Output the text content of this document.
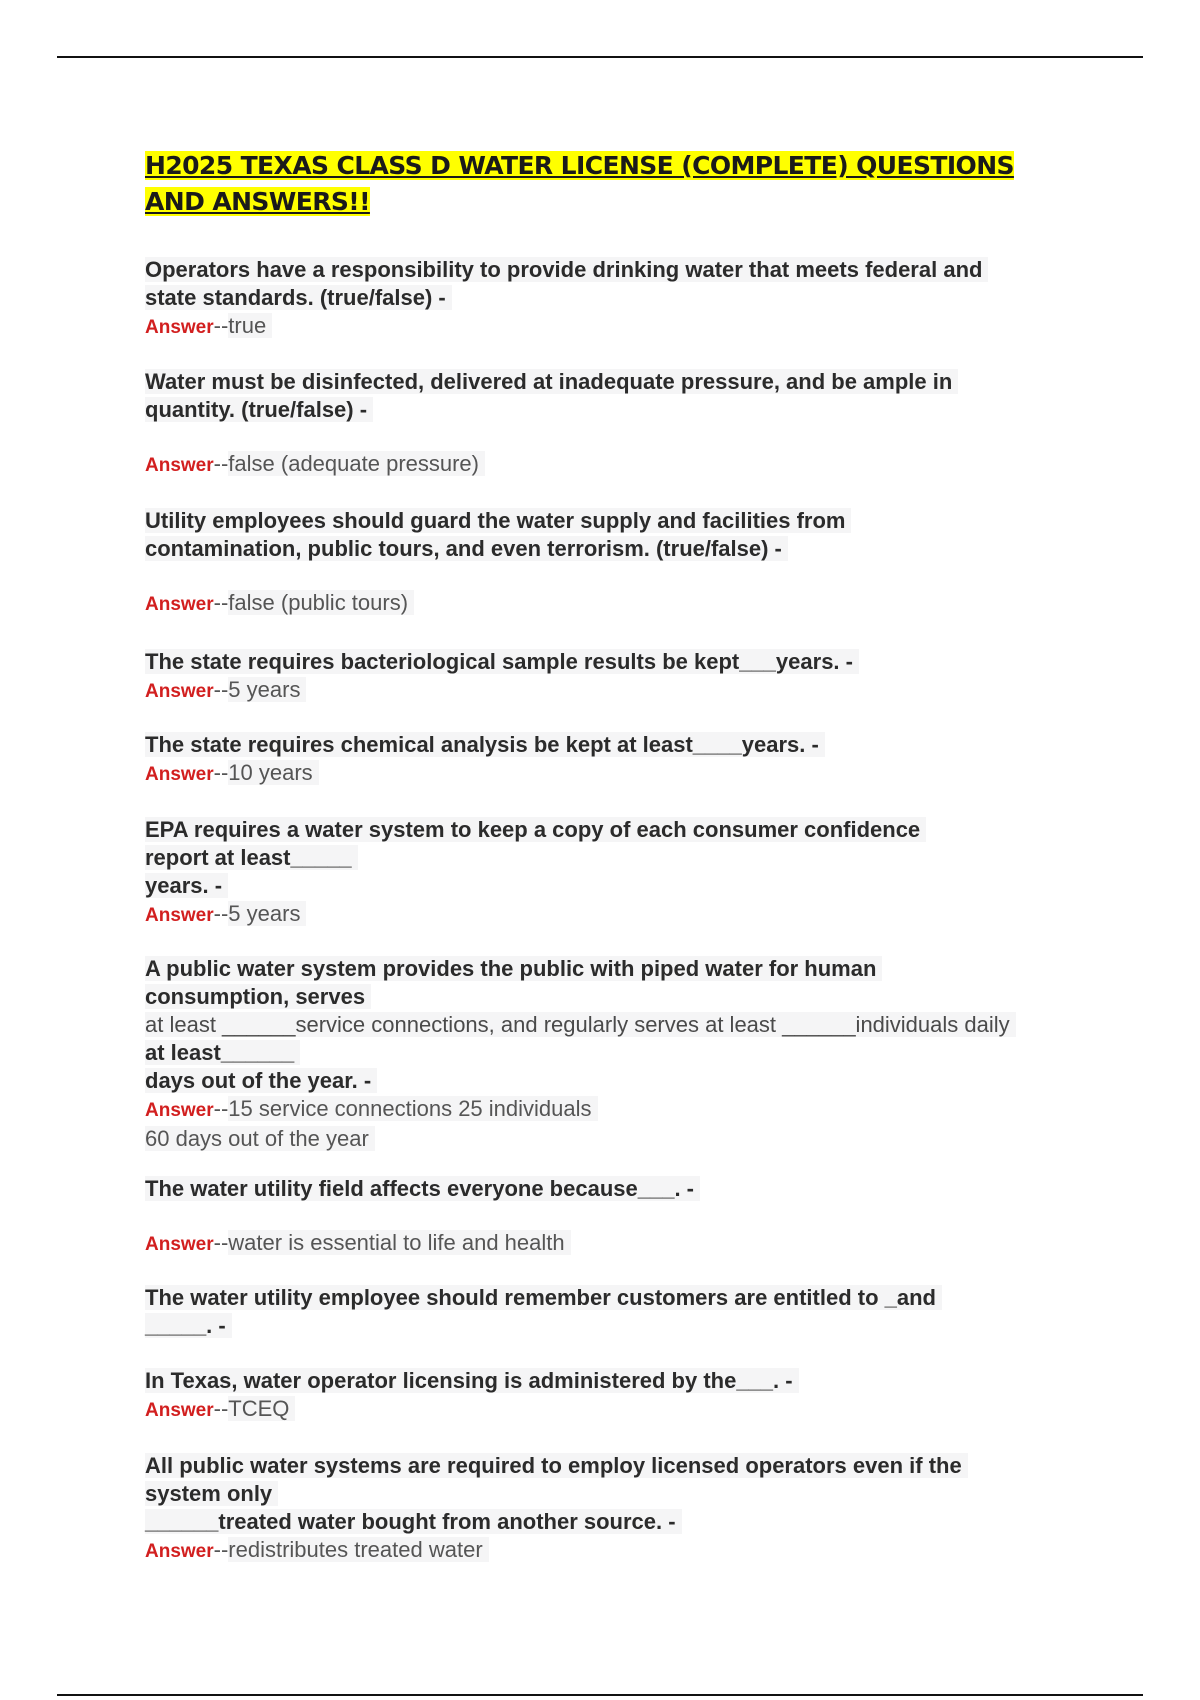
H2025 TEXAS CLASS D WATER LICENSE (COMPLETE) QUESTIONS AND ANSWERS!!

Operators have a responsibility to provide drinking water that meets federal and

state standards. (true/false) -

Answer--true

Water must be disinfected, delivered at inadequate pressure, and be ample in

quantity. (true/false) -

Answer--false (adequate pressure)

Utility employees should guard the water supply and facilities from

contamination, public tours, and even terrorism. (true/false) -

Answer--false (public tours)

The state requires bacteriological sample results be kept___years. -

Answer--5 years

The state requires chemical analysis be kept at least____years. -

Answer--10 years

EPA requires a water system to keep a copy of each consumer confidence

report at least_____

years. -

Answer--5 years

A public water system provides the public with piped water for human

consumption, serves

at least ______service connections, and regularly serves at least ______individuals daily

at least______

days out of the year. -

Answer--15 service connections 25 individuals

60 days out of the year

The water utility field affects everyone because___. -

Answer--water is essential to life and health

The water utility employee should remember customers are entitled to _and

_____. -

In Texas, water operator licensing is administered by the___. -

Answer--TCEQ

All public water systems are required to employ licensed operators even if the

system only

______treated water bought from another source. -

Answer--redistributes treated water
